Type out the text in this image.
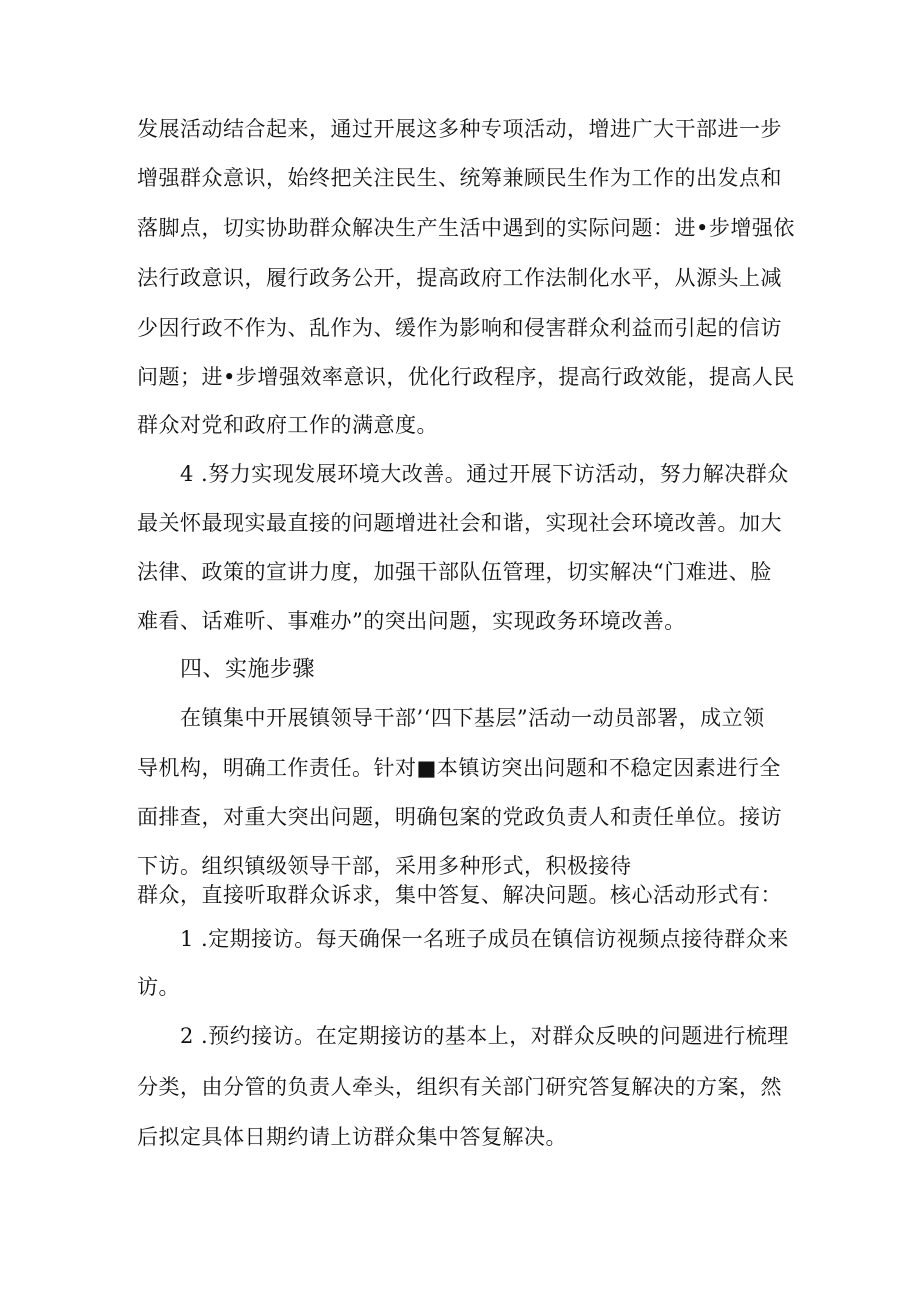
发展活动结合起来，通过开展这多种专项活动，增进广大干部进一步
增强群众意识，始终把关注民生、统筹兼顾民生作为工作的出发点和
落脚点，切实协助群众解决生产生活中遇到的实际问题：进•步增强依
法行政意识，履行政务公开，提高政府工作法制化水平，从源头上减
少因行政不作为、乱作为、缓作为影响和侵害群众利益而引起的信访
问题；进•步增强效率意识，优化行政程序，提高行政效能，提高人民
群众对党和政府工作的满意度。
4 .努力实现发展环境大改善。通过开展下访活动，努力解决群众
最关怀最现实最直接的问题增进社会和谐，实现社会环境改善。加大
法律、政策的宣讲力度，加强干部队伍管理，切实解决“门难进、脸
难看、话难听、事难办”的突出问题，实现政务环境改善。
四、实施步骤
在镇集中开展镇领导干部’‘四下基层”活动一动员部署，成立领
导机构，明确工作责任。针对■本镇访突出问题和不稳定因素进行全
面排查，对重大突出问题，明确包案的党政负责人和责任单位。接访
下访。组织镇级领导干部，采用多种形式，积极接待
群众，直接听取群众诉求，集中答复、解决问题。核心活动形式有：
1 .定期接访。每天确保一名班子成员在镇信访视频点接待群众来
访。
2 .预约接访。在定期接访的基本上，对群众反映的问题进行梳理
分类，由分管的负责人牵头，组织有关部门研究答复解决的方案，然
后拟定具体日期约请上访群众集中答复解决。
